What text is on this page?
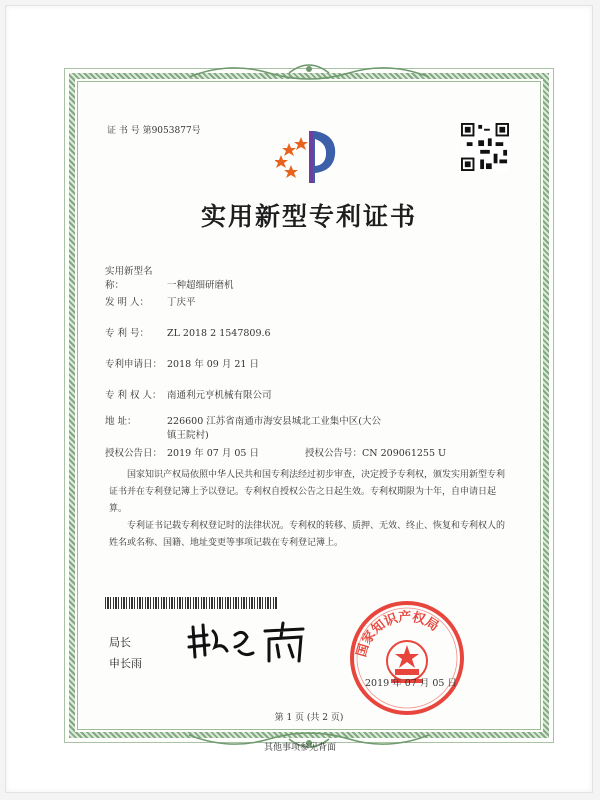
证 书 号 第9053877号
实用新型专利证书
实用新型名称：	一种超细研磨机
发 明 人： 丁庆平
专 利 号： ZL 2018 2 1547809.6
专利申请日： 2018 年 09 月 21 日
专 利 权 人： 南通利元亨机械有限公司
地 址：	226600 江苏省南通市海安县城北工业集中区(大公镇王院村)
授权公告日： 2019 年 07 月 05 日	授权公告号：CN 209061255 U
国家知识产权局依照中华人民共和国专利法经过初步审查，决定授予专利权，颁发实用新型专利证书并在专利登记簿上予以登记。专利权自授权公告之日起生效。专利权期限为十年，自申请日起算。
专利证书记载专利权登记时的法律状况。专利权的转移、质押、无效、终止、恢复和专利权人的姓名或名称、国籍、地址变更等事项记载在专利登记簿上。
局长
申长雨
国家知识产权局
2019 年 07 月 05 日
第 1 页 (共 2 页)
其他事项参见背面
